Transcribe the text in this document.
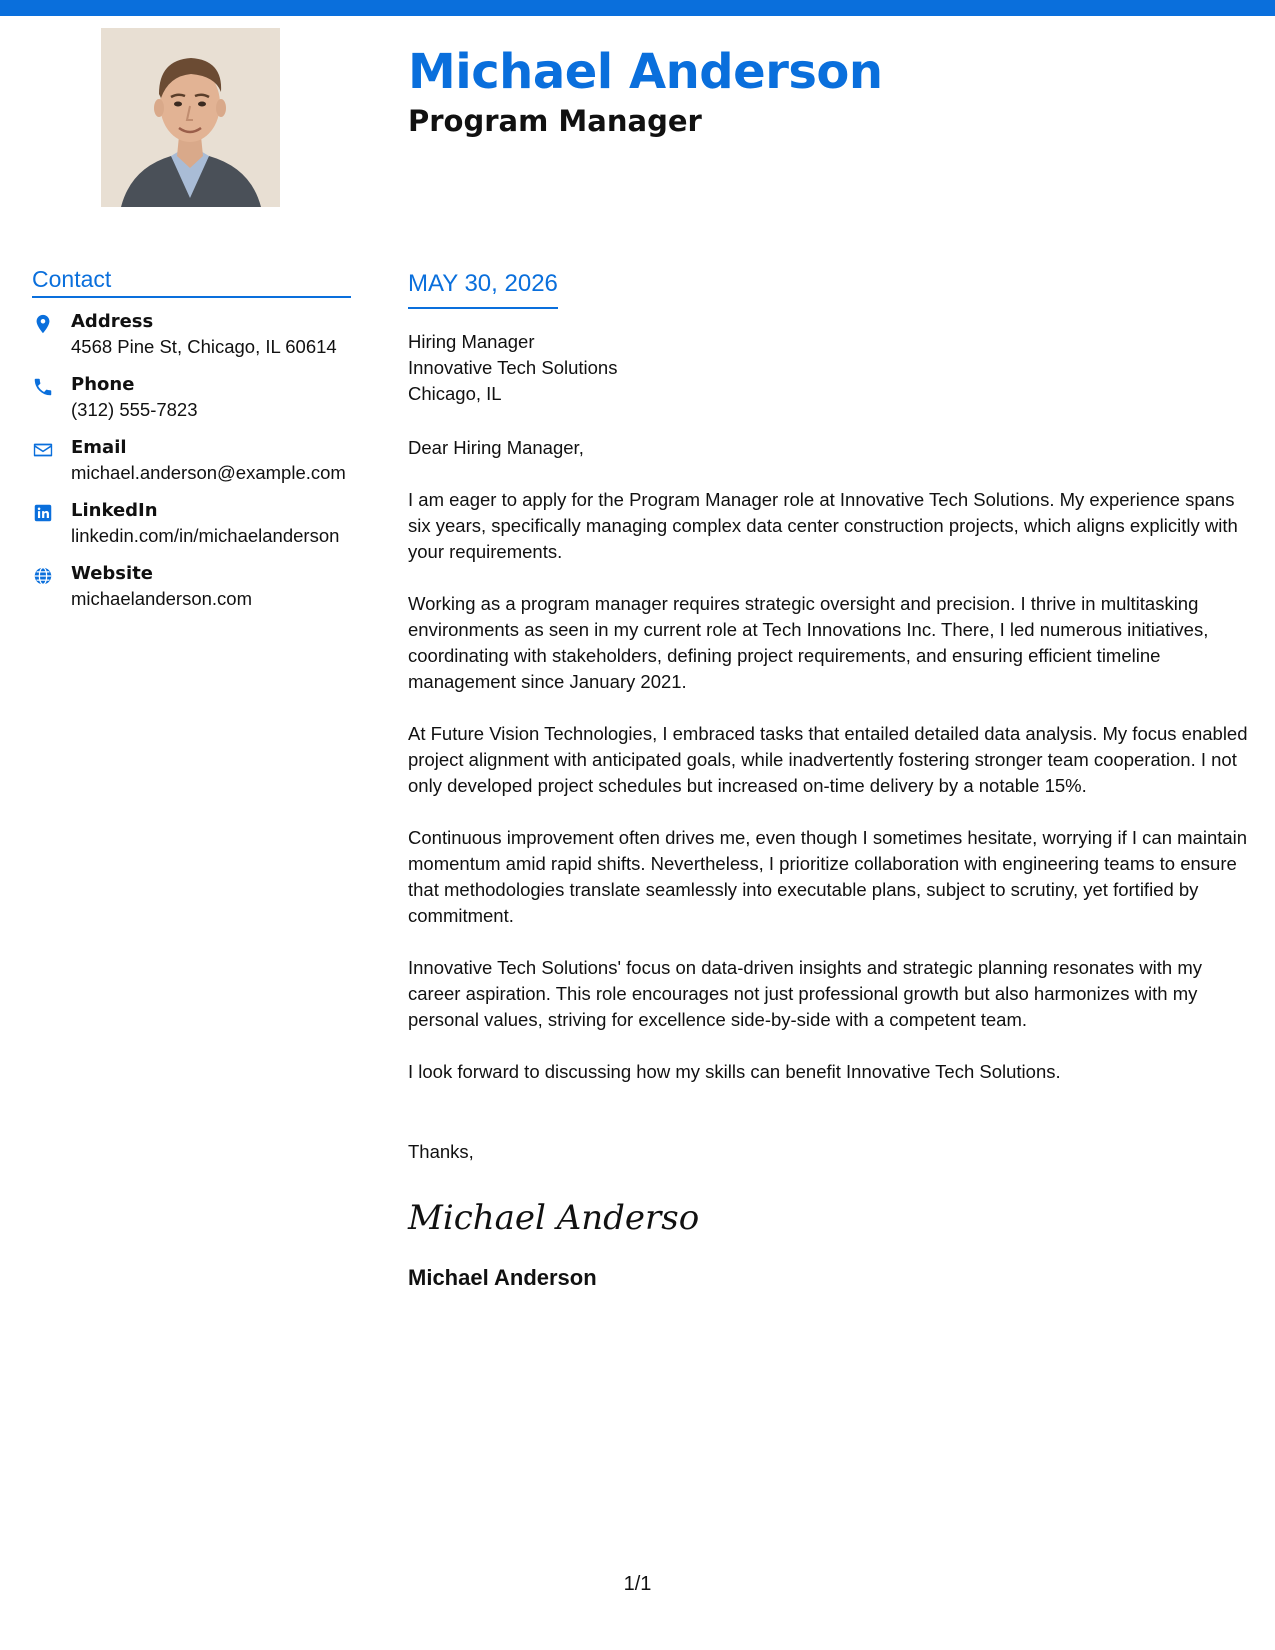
Michael Anderson
Program Manager
Contact
Address
4568 Pine St, Chicago, IL 60614
Phone
(312) 555-7823
Email
michael.anderson@example.com
LinkedIn
linkedin.com/in/michaelanderson
Website
michaelanderson.com
MAY 30, 2026
Hiring Manager
Innovative Tech Solutions
Chicago, IL

Dear Hiring Manager,

I am eager to apply for the Program Manager role at Innovative Tech Solutions. My experience spans six years, specifically managing complex data center construction projects, which aligns explicitly with your requirements.

Working as a program manager requires strategic oversight and precision. I thrive in multitasking environments as seen in my current role at Tech Innovations Inc. There, I led numerous initiatives, coordinating with stakeholders, defining project requirements, and ensuring efficient timeline management since January 2021.

At Future Vision Technologies, I embraced tasks that entailed detailed data analysis. My focus enabled project alignment with anticipated goals, while inadvertently fostering stronger team cooperation. I not only developed project schedules but increased on-time delivery by a notable 15%.

Continuous improvement often drives me, even though I sometimes hesitate, worrying if I can maintain momentum amid rapid shifts. Nevertheless, I prioritize collaboration with engineering teams to ensure that methodologies translate seamlessly into executable plans, subject to scrutiny, yet fortified by commitment.

Innovative Tech Solutions' focus on data-driven insights and strategic planning resonates with my career aspiration. This role encourages not just professional growth but also harmonizes with my personal values, striving for excellence side-by-side with a competent team.

I look forward to discussing how my skills can benefit Innovative Tech Solutions.

Thanks,

Michael Anderso

Michael Anderson

1/1
